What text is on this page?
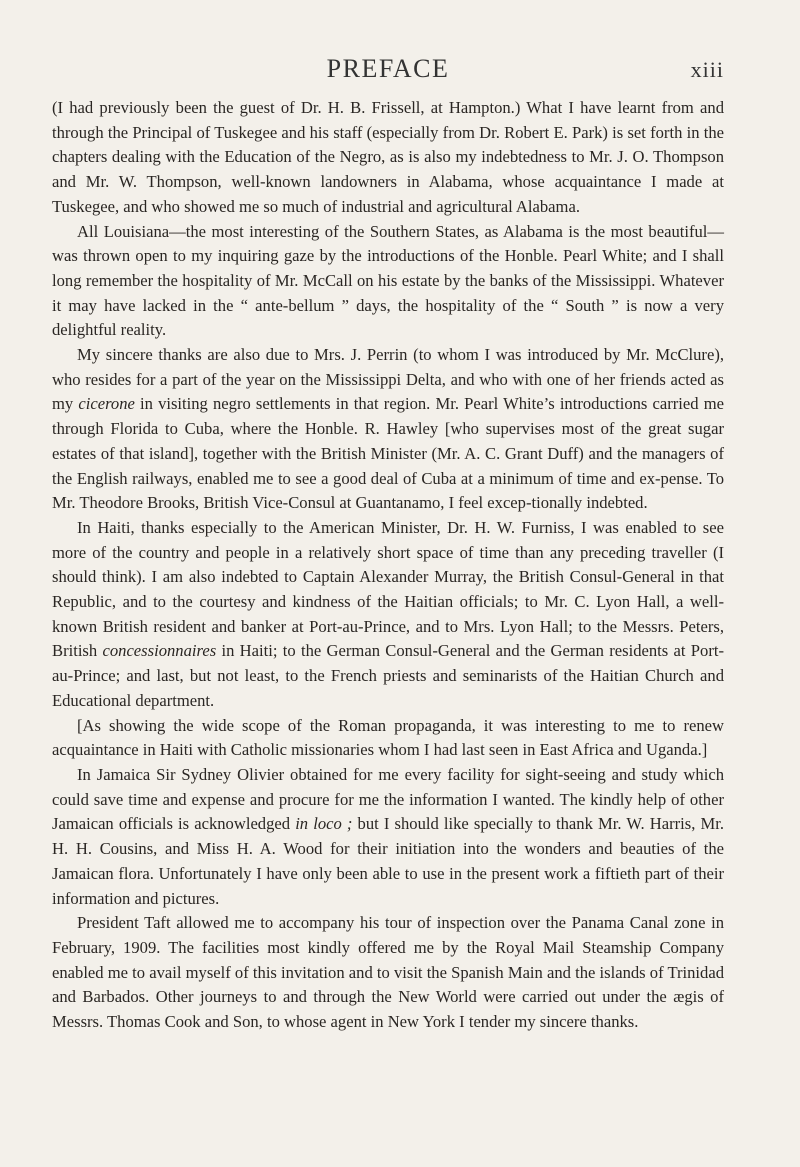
PREFACE	xiii

(I had previously been the guest of Dr. H. B. Frissell, at Hampton.) What I have learnt from and through the Principal of Tuskegee and his staff (especially from Dr. Robert E. Park) is set forth in the chapters dealing with the Education of the Negro, as is also my indebtedness to Mr. J. O. Thompson and Mr. W. Thompson, well-known landowners in Alabama, whose acquaintance I made at Tuskegee, and who showed me so much of industrial and agricultural Alabama.

All Louisiana—the most interesting of the Southern States, as Alabama is the most beautiful—was thrown open to my inquiring gaze by the introductions of the Honble. Pearl White; and I shall long remember the hospitality of Mr. McCall on his estate by the banks of the Mississippi. Whatever it may have lacked in the “ ante-bellum ” days, the hospitality of the “ South ” is now a very delightful reality.

My sincere thanks are also due to Mrs. J. Perrin (to whom I was introduced by Mr. McClure), who resides for a part of the year on the Mississippi Delta, and who with one of her friends acted as my cicerone in visiting negro settlements in that region. Mr. Pearl White’s introductions carried me through Florida to Cuba, where the Honble. R. Hawley [who supervises most of the great sugar estates of that island], together with the British Minister (Mr. A. C. Grant Duff) and the managers of the English railways, enabled me to see a good deal of Cuba at a minimum of time and ex-pense. To Mr. Theodore Brooks, British Vice-Consul at Guantanamo, I feel excep-tionally indebted.

In Haiti, thanks especially to the American Minister, Dr. H. W. Furniss, I was enabled to see more of the country and people in a relatively short space of time than any preceding traveller (I should think). I am also indebted to Captain Alexander Murray, the British Consul-General in that Republic, and to the courtesy and kindness of the Haitian officials; to Mr. C. Lyon Hall, a well-known British resident and banker at Port-au-Prince, and to Mrs. Lyon Hall; to the Messrs. Peters, British concessionnaires in Haiti; to the German Consul-General and the German residents at Port-au-Prince; and last, but not least, to the French priests and seminarists of the Haitian Church and Educational department.

[As showing the wide scope of the Roman propaganda, it was interesting to me to renew acquaintance in Haiti with Catholic missionaries whom I had last seen in East Africa and Uganda.]

In Jamaica Sir Sydney Olivier obtained for me every facility for sight-seeing and study which could save time and expense and procure for me the information I wanted. The kindly help of other Jamaican officials is acknowledged in loco ; but I should like specially to thank Mr. W. Harris, Mr. H. H. Cousins, and Miss H. A. Wood for their initiation into the wonders and beauties of the Jamaican flora. Unfortunately I have only been able to use in the present work a fiftieth part of their information and pictures.

President Taft allowed me to accompany his tour of inspection over the Panama Canal zone in February, 1909. The facilities most kindly offered me by the Royal Mail Steamship Company enabled me to avail myself of this invitation and to visit the Spanish Main and the islands of Trinidad and Barbados. Other journeys to and through the New World were carried out under the ægis of Messrs. Thomas Cook and Son, to whose agent in New York I tender my sincere thanks.
